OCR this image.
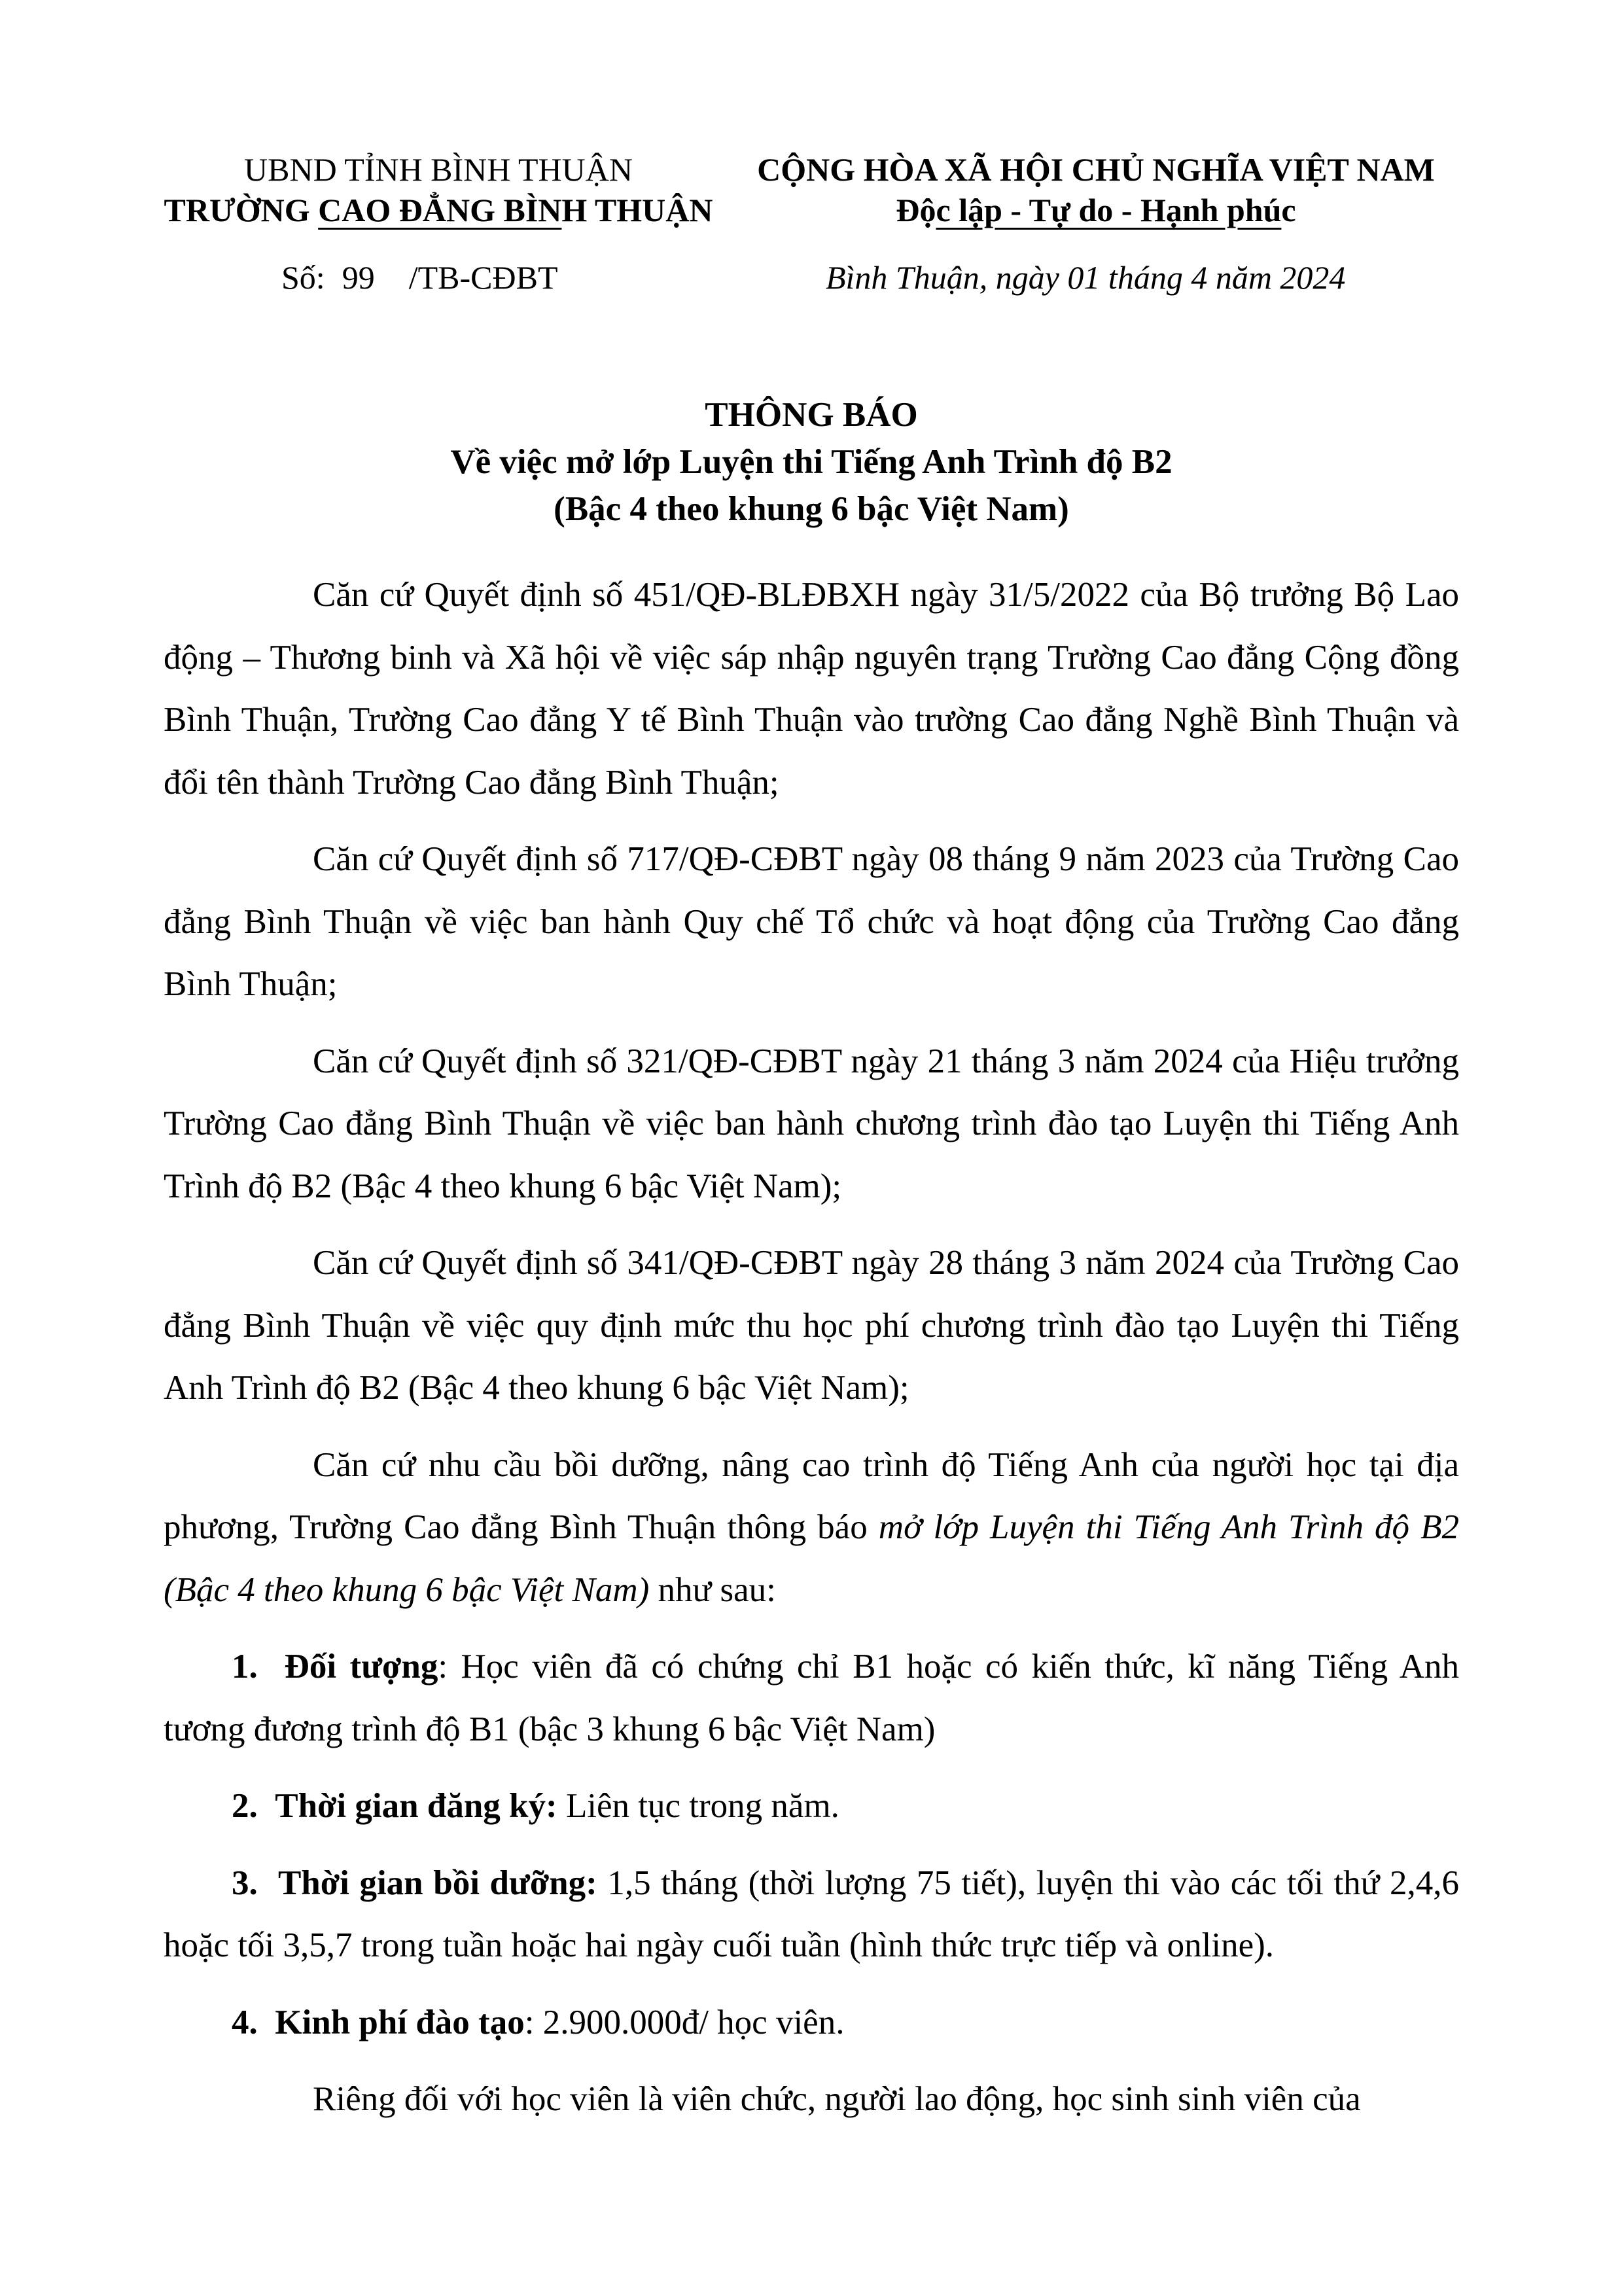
UBND TỈNH BÌNH THUẬN
TRƯỜNG CAO ĐẲNG BÌNH THUẬN
CỘNG HÒA XÃ HỘI CHỦ NGHĨA VIỆT NAM
Độc lập - Tự do - Hạnh phúc
Số: 99 /TB-CĐBT	Bình Thuận, ngày 01 tháng 4 năm 2024
THÔNG BÁO
Về việc mở lớp Luyện thi Tiếng Anh Trình độ B2
(Bậc 4 theo khung 6 bậc Việt Nam)

Căn cứ Quyết định số 451/QĐ-BLĐBXH ngày 31/5/2022 của Bộ trưởng Bộ Lao động – Thương binh và Xã hội về việc sáp nhập nguyên trạng Trường Cao đẳng Cộng đồng Bình Thuận, Trường Cao đẳng Y tế Bình Thuận vào trường Cao đẳng Nghề Bình Thuận và đổi tên thành Trường Cao đẳng Bình Thuận;

Căn cứ Quyết định số 717/QĐ-CĐBT ngày 08 tháng 9 năm 2023 của Trường Cao đẳng Bình Thuận về việc ban hành Quy chế Tổ chức và hoạt động của Trường Cao đẳng Bình Thuận;

Căn cứ Quyết định số 321/QĐ-CĐBT ngày 21 tháng 3 năm 2024 của Hiệu trưởng Trường Cao đẳng Bình Thuận về việc ban hành chương trình đào tạo Luyện thi Tiếng Anh Trình độ B2 (Bậc 4 theo khung 6 bậc Việt Nam);

Căn cứ Quyết định số 341/QĐ-CĐBT ngày 28 tháng 3 năm 2024 của Trường Cao đẳng Bình Thuận về việc quy định mức thu học phí chương trình đào tạo Luyện thi Tiếng Anh Trình độ B2 (Bậc 4 theo khung 6 bậc Việt Nam);

Căn cứ nhu cầu bồi dưỡng, nâng cao trình độ Tiếng Anh của người học tại địa phương, Trường Cao đẳng Bình Thuận thông báo mở lớp Luyện thi Tiếng Anh Trình độ B2 (Bậc 4 theo khung 6 bậc Việt Nam) như sau:

1. Đối tượng: Học viên đã có chứng chỉ B1 hoặc có kiến thức, kĩ năng Tiếng Anh tương đương trình độ B1 (bậc 3 khung 6 bậc Việt Nam)

2. Thời gian đăng ký: Liên tục trong năm.

3. Thời gian bồi dưỡng: 1,5 tháng (thời lượng 75 tiết), luyện thi vào các tối thứ 2,4,6 hoặc tối 3,5,7 trong tuần hoặc hai ngày cuối tuần (hình thức trực tiếp và online).

4. Kinh phí đào tạo: 2.900.000đ/ học viên.

Riêng đối với học viên là viên chức, người lao động, học sinh sinh viên của
